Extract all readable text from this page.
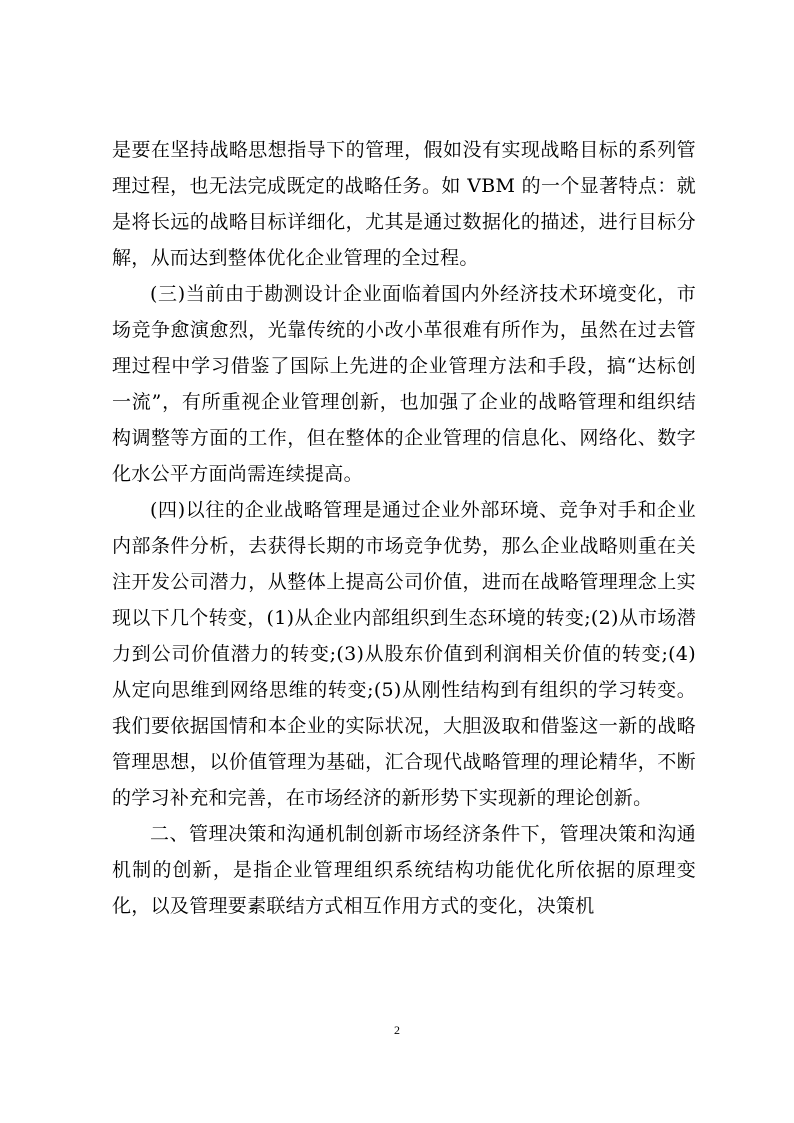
是要在坚持战略思想指导下的管理，假如没有实现战略目标的系列管理过程，也无法完成既定的战略任务。如 VBM 的一个显著特点：就是将长远的战略目标详细化，尤其是通过数据化的描述，进行目标分解，从而达到整体优化企业管理的全过程。

(三)当前由于勘测设计企业面临着国内外经济技术环境变化，市场竞争愈演愈烈，光靠传统的小改小革很难有所作为，虽然在过去管理过程中学习借鉴了国际上先进的企业管理方法和手段，搞“达标创一流”，有所重视企业管理创新，也加强了企业的战略管理和组织结构调整等方面的工作，但在整体的企业管理的信息化、网络化、数字化水公平方面尚需连续提高。

(四)以往的企业战略管理是通过企业外部环境、竞争对手和企业内部条件分析，去获得长期的市场竞争优势，那么企业战略则重在关注开发公司潜力，从整体上提高公司价值，进而在战略管理理念上实现以下几个转变，(1)从企业内部组织到生态环境的转变;(2)从市场潜力到公司价值潜力的转变;(3)从股东价值到利润相关价值的转变;(4)从定向思维到网络思维的转变;(5)从刚性结构到有组织的学习转变。我们要依据国情和本企业的实际状况，大胆汲取和借鉴这一新的战略管理思想，以价值管理为基础，汇合现代战略管理的理论精华，不断的学习补充和完善，在市场经济的新形势下实现新的理论创新。

二、管理决策和沟通机制创新市场经济条件下，管理决策和沟通机制的创新，是指企业管理组织系统结构功能优化所依据的原理变化，以及管理要素联结方式相互作用方式的变化，决策机

2
